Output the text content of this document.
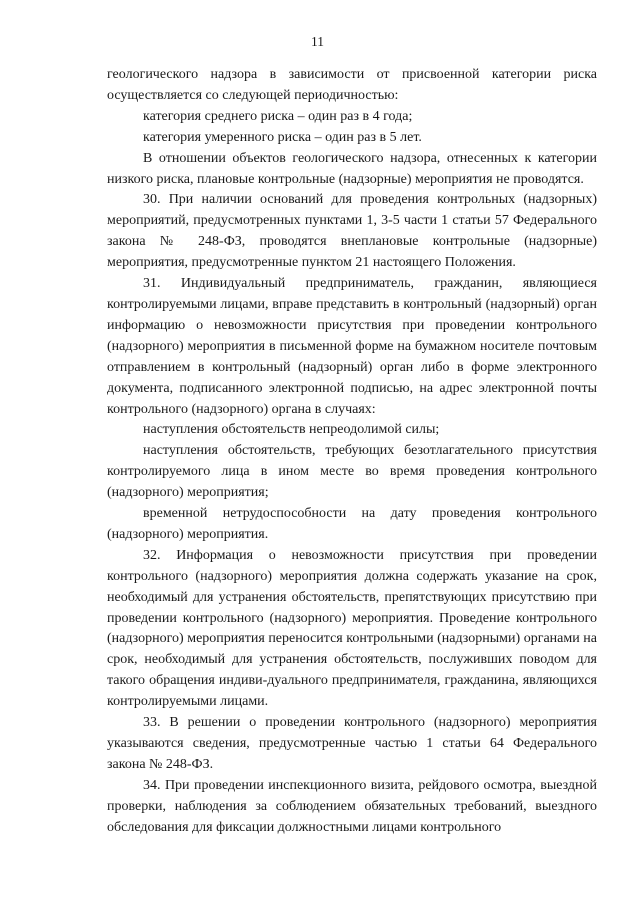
11

геологического надзора в зависимости от присвоенной категории риска осуществляется со следующей периодичностью:

категория среднего риска – один раз в 4 года;

категория умеренного риска – один раз в 5 лет.

В отношении объектов геологического надзора, отнесенных к категории низкого риска, плановые контрольные (надзорные) мероприятия не проводятся.

30. При наличии оснований для проведения контрольных (надзорных) мероприятий, предусмотренных пунктами 1, 3-5 части 1 статьи 57 Федерального закона № 248-ФЗ, проводятся внеплановые контрольные (надзорные) мероприятия, предусмотренные пунктом 21 настоящего Положения.

31. Индивидуальный предприниматель, гражданин, являющиеся контролируемыми лицами, вправе представить в контрольный (надзорный) орган информацию о невозможности присутствия при проведении контрольного (надзорного) мероприятия в письменной форме на бумажном носителе почтовым отправлением в контрольный (надзорный) орган либо в форме электронного документа, подписанного электронной подписью, на адрес электронной почты контрольного (надзорного) органа в случаях:

наступления обстоятельств непреодолимой силы;

наступления обстоятельств, требующих безотлагательного присутствия контролируемого лица в ином месте во время проведения контрольного (надзорного) мероприятия;

временной нетрудоспособности на дату проведения контрольного (надзорного) мероприятия.

32. Информация о невозможности присутствия при проведении контрольного (надзорного) мероприятия должна содержать указание на срок, необходимый для устранения обстоятельств, препятствующих присутствию при проведении контрольного (надзорного) мероприятия. Проведение контрольного (надзорного) мероприятия переносится контрольными (надзорными) органами на срок, необходимый для устранения обстоятельств, послуживших поводом для такого обращения индиви-дуального предпринимателя, гражданина, являющихся контролируемыми лицами.

33. В решении о проведении контрольного (надзорного) мероприятия указываются сведения, предусмотренные частью 1 статьи 64 Федерального закона № 248-ФЗ.

34. При проведении инспекционного визита, рейдового осмотра, выездной проверки, наблюдения за соблюдением обязательных требований, выездного обследования для фиксации должностными лицами контрольного
